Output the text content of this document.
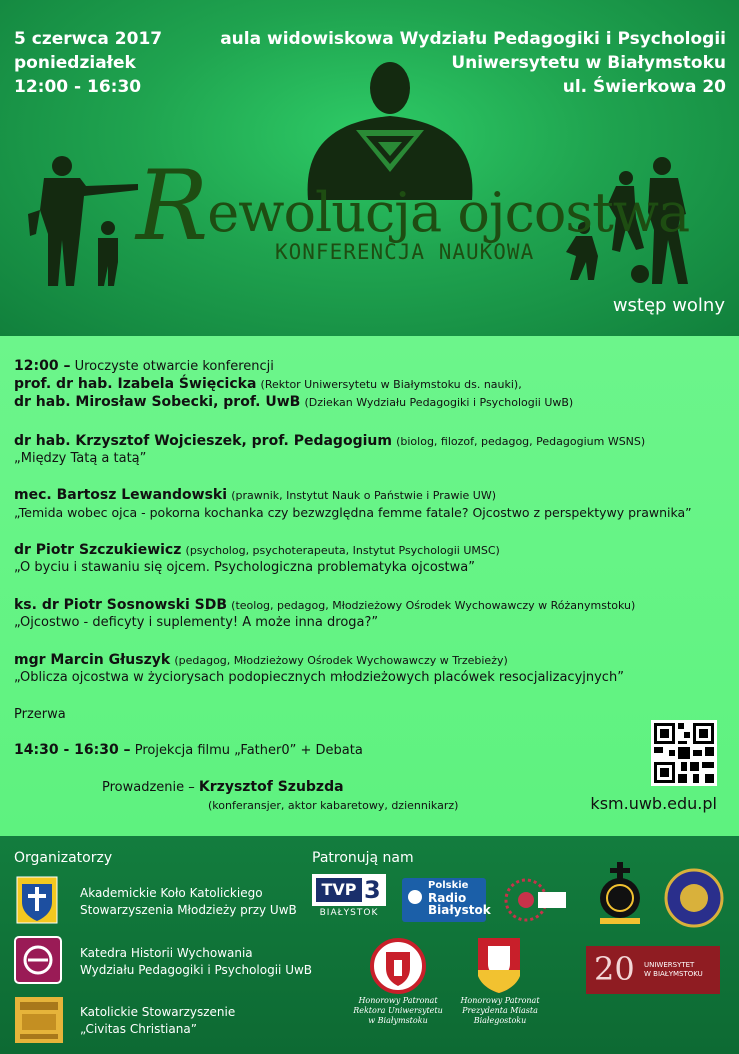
5 czerwca 2017
poniedziałek
12:00 - 16:30
aula widowiskowa Wydziału Pedagogiki i Psychologii
Uniwersytetu w Białymstoku
ul. Świerkowa 20
Rewolucja ojcostwa
KONFERENCJA NAUKOWA
wstęp wolny
12:00 – Uroczyste otwarcie konferencji
prof. dr hab. Izabela Święcicka (Rektor Uniwersytetu w Białymstoku ds. nauki),
dr hab. Mirosław Sobecki, prof. UwB (Dziekan Wydziału Pedagogiki i Psychologii UwB)
dr hab. Krzysztof Wojcieszek, prof. Pedagogium (biolog, filozof, pedagog, Pedagogium WSNS)
„Między Tatą a tatą”
mec. Bartosz Lewandowski (prawnik, Instytut Nauk o Państwie i Prawie UW)
„Temida wobec ojca - pokorna kochanka czy bezwzględna femme fatale? Ojcostwo z perspektywy prawnika”
dr Piotr Szczukiewicz (psycholog, psychoterapeuta, Instytut Psychologii UMSC)
„O byciu i stawaniu się ojcem. Psychologiczna problematyka ojcostwa”
ks. dr Piotr Sosnowski SDB (teolog, pedagog, Młodzieżowy Ośrodek Wychowawczy w Różanymstoku)
„Ojcostwo - deficyty i suplementy! A może inna droga?”
mgr Marcin Głuszyk (pedagog, Młodzieżowy Ośrodek Wychowawczy w Trzebieży)
„Oblicza ojcostwa w życiorysach podopiecznych młodzieżowych placówek resocjalizacyjnych”
Przerwa
14:30 - 16:30 – Projekcja filmu „Father0” + Debata
Prowadzenie – Krzysztof Szubzda
(konferansjer, aktor kabaretowy, dziennikarz)	ksm.uwb.edu.pl
Organizatorzy	Patronują nam
Akademickie Koło Katolickiego
Stowarzyszenia Młodzieży przy UwB
Katedra Historii Wychowania
Wydziału Pedagogiki i Psychologii UwB
Katolickie Stowarzyszenie
„Civitas Christiana”
TVP 3
BIAŁYSTOK
Polskie
Radio
Białystok
Honorowy Patronat
Rektora Uniwersytetu
w Białymstoku
Honorowy Patronat
Prezydenta Miasta
Białegostoku
20 UNIWERSYTET
W BIAŁYMSTOKU
